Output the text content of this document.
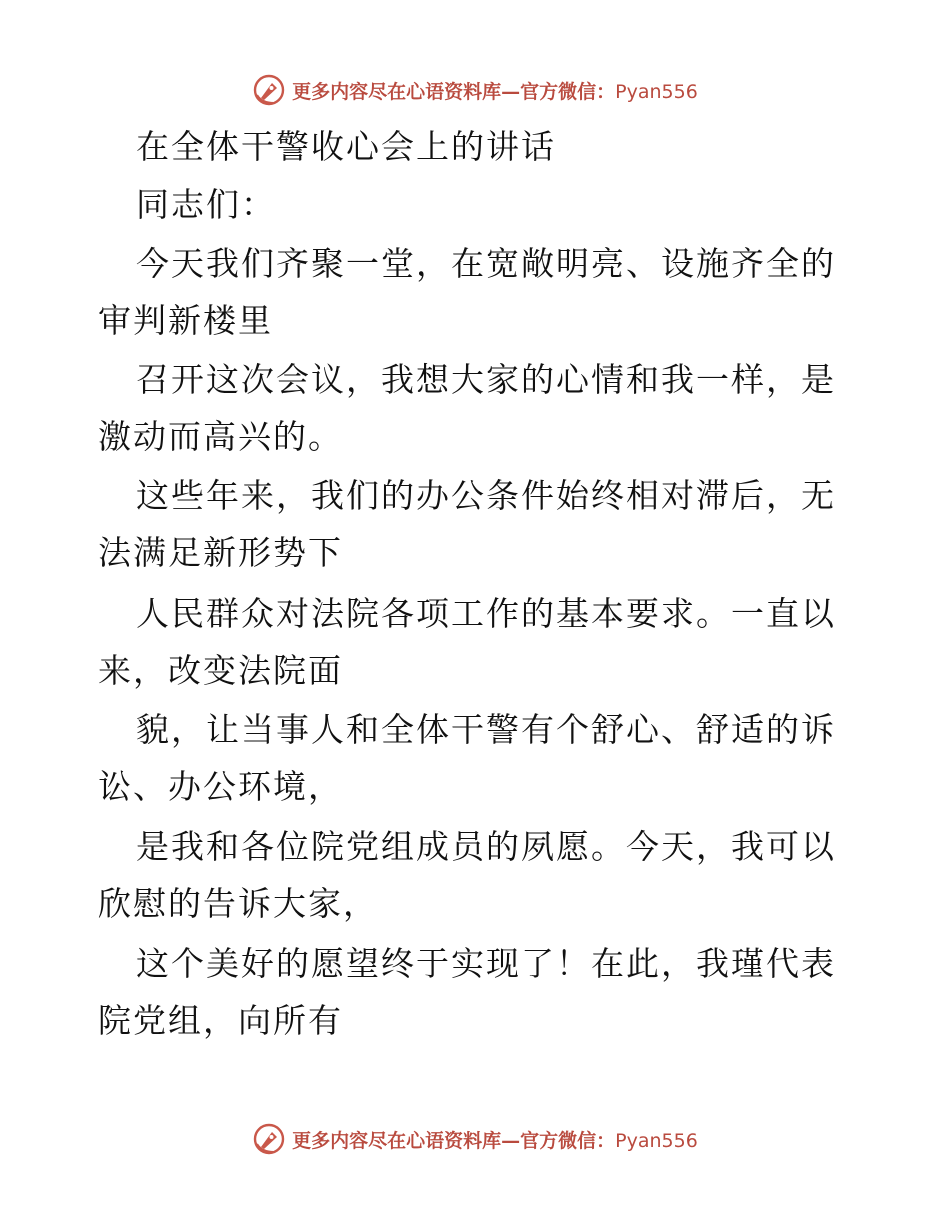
更多内容尽在心语资料库—官方微信：Pyan556

在全体干警收心会上的讲话

同志们：

今天我们齐聚一堂，在宽敞明亮、设施齐全的审判新楼里

召开这次会议，我想大家的心情和我一样，是激动而高兴的。

这些年来，我们的办公条件始终相对滞后，无法满足新形势下

人民群众对法院各项工作的基本要求。一直以来，改变法院面

貌，让当事人和全体干警有个舒心、舒适的诉讼、办公环境，

是我和各位院党组成员的夙愿。今天，我可以欣慰的告诉大家，

这个美好的愿望终于实现了！在此，我瑾代表院党组，向所有

更多内容尽在心语资料库—官方微信：Pyan556
